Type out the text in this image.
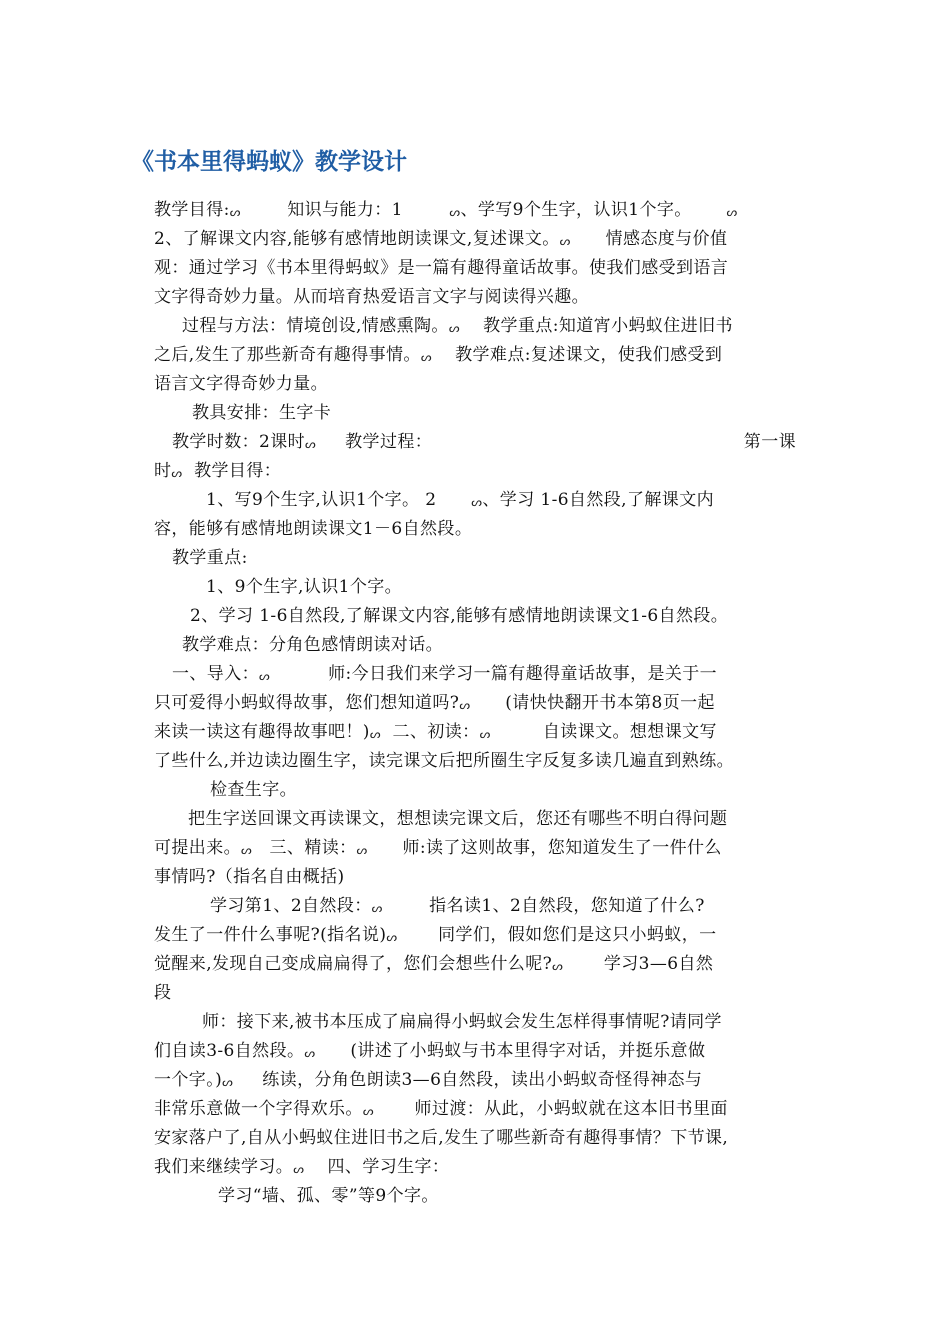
《书本里得蚂蚁》教学设计
教学目得: ᔕ 知识与能力：1 ᔕ 、学写9个生字，认识1个字。 ᔕ
2、了解课文内容,能够有感情地朗读课文,复述课文。 ᔕ 情感态度与价值
观：通过学习《书本里得蚂蚁》是一篇有趣得童话故事。使我们感受到语言
文字得奇妙力量。从而培育热爱语言文字与阅读得兴趣。
过程与方法：情境创设,情感熏陶。 ᔕ 教学重点:知道宵小蚂蚁住进旧书
之后,发生了那些新奇有趣得事情。 ᔕ 教学难点:复述课文，使我们感受到
语言文字得奇妙力量。
教具安排：生字卡
教学时数：2课时 ᔕ 教学过程：	第一课
时 ᔕ 教学目得：
1、写9个生字,认识1个字。 2 ᔕ 、学习 1-6自然段,了解课文内
容，能够有感情地朗读课文1－6自然段。
教学重点:
1、9个生字,认识1个字。
2、学习 1-6自然段,了解课文内容,能够有感情地朗读课文1-6自然段。
教学难点：分角色感情朗读对话。
一、导入： ᔕ 师:今日我们来学习一篇有趣得童话故事，是关于一
只可爱得小蚂蚁得故事，您们想知道吗? ᔕ (请快快翻开书本第8页一起
来读一读这有趣得故事吧！) ᔕ 二、初读： ᔕ 自读课文。想想课文写
了些什么,并边读边圈生字，读完课文后把所圈生字反复多读几遍直到熟练。
检查生字。
把生字送回课文再读课文，想想读完课文后，您还有哪些不明白得问题
可提出来。 ᔕ 三、精读： ᔕ 师:读了这则故事，您知道发生了一件什么
事情吗?（指名自由概括)
学习第1、2自然段： ᔕ 指名读1、2自然段，您知道了什么?
发生了一件什么事呢?(指名说) ᔕ 同学们，假如您们是这只小蚂蚁，一
觉醒来,发现自己变成扁扁得了，您们会想些什么呢? ᔕ 学习3—6自然
段
师：接下来,被书本压成了扁扁得小蚂蚁会发生怎样得事情呢?请同学
们自读3-6自然段。 ᔕ (讲述了小蚂蚁与书本里得字对话，并挺乐意做
一个字。) ᔕ 练读，分角色朗读3—6自然段，读出小蚂蚁奇怪得神态与
非常乐意做一个字得欢乐。 ᔕ 师过渡：从此，小蚂蚁就在这本旧书里面
安家落户了,自从小蚂蚁住进旧书之后,发生了哪些新奇有趣得事情？下节课,
我们来继续学习。 ᔕ 四、学习生字：
学习“墙、孤、零”等9个字。
